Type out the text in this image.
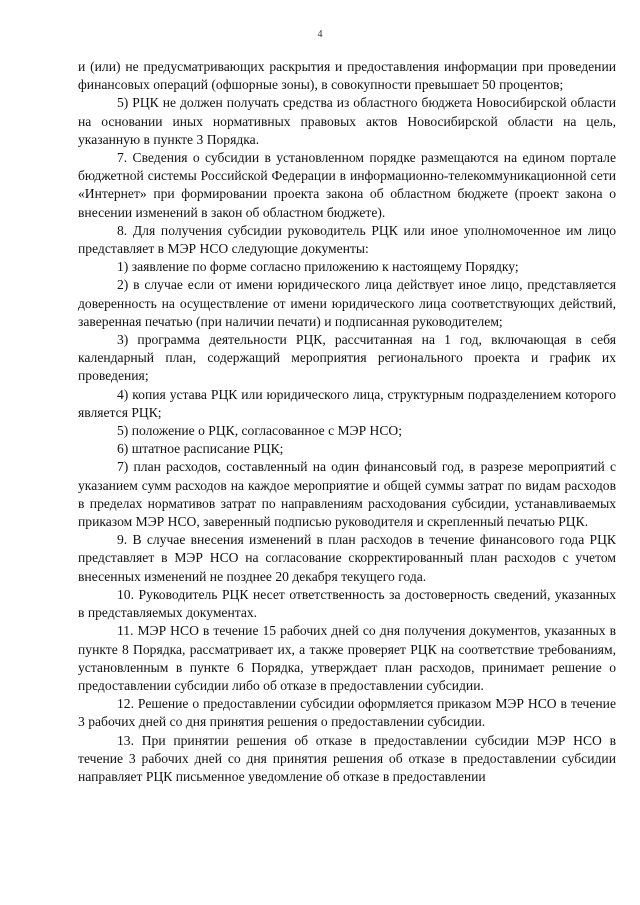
4

и (или) не предусматривающих раскрытия и предоставления информации при проведении финансовых операций (офшорные зоны), в совокупности превышает 50 процентов;

5) РЦК не должен получать средства из областного бюджета Новосибирской области на основании иных нормативных правовых актов Новосибирской области на цель, указанную в пункте 3 Порядка.

7. Сведения о субсидии в установленном порядке размещаются на едином портале бюджетной системы Российской Федерации в информационно-телекоммуникационной сети «Интернет» при формировании проекта закона об областном бюджете (проект закона о внесении изменений в закон об областном бюджете).

8. Для получения субсидии руководитель РЦК или иное уполномоченное им лицо представляет в МЭР НСО следующие документы:

1) заявление по форме согласно приложению к настоящему Порядку;

2) в случае если от имени юридического лица действует иное лицо, представляется доверенность на осуществление от имени юридического лица соответствующих действий, заверенная печатью (при наличии печати) и подписанная руководителем;

3) программа деятельности РЦК, рассчитанная на 1 год, включающая в себя календарный план, содержащий мероприятия регионального проекта и график их проведения;

4) копия устава РЦК или юридического лица, структурным подразделением которого является РЦК;

5) положение о РЦК, согласованное с МЭР НСО;

6) штатное расписание РЦК;

7) план расходов, составленный на один финансовый год, в разрезе мероприятий с указанием сумм расходов на каждое мероприятие и общей суммы затрат по видам расходов в пределах нормативов затрат по направлениям расходования субсидии, устанавливаемых приказом МЭР НСО, заверенный подписью руководителя и скрепленный печатью РЦК.

9. В случае внесения изменений в план расходов в течение финансового года РЦК представляет в МЭР НСО на согласование скорректированный план расходов с учетом внесенных изменений не позднее 20 декабря текущего года.

10. Руководитель РЦК несет ответственность за достоверность сведений, указанных в представляемых документах.

11. МЭР НСО в течение 15 рабочих дней со дня получения документов, указанных в пункте 8 Порядка, рассматривает их, а также проверяет РЦК на соответствие требованиям, установленным в пункте 6 Порядка, утверждает план расходов, принимает решение о предоставлении субсидии либо об отказе в предоставлении субсидии.

12. Решение о предоставлении субсидии оформляется приказом МЭР НСО в течение 3 рабочих дней со дня принятия решения о предоставлении субсидии.

13. При принятии решения об отказе в предоставлении субсидии МЭР НСО в течение 3 рабочих дней со дня принятия решения об отказе в предоставлении субсидии направляет РЦК письменное уведомление об отказе в предоставлении
